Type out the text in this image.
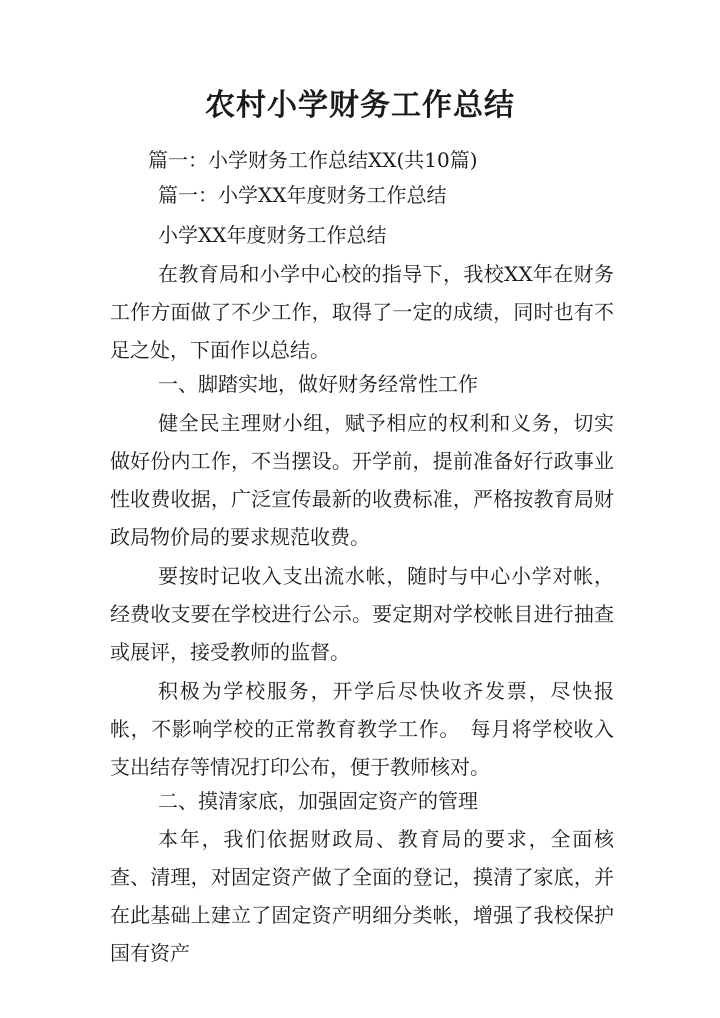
农村小学财务工作总结
篇一：小学财务工作总结XX(共10篇)
篇一：小学XX年度财务工作总结
小学XX年度财务工作总结
在教育局和小学中心校的指导下，我校XX年在财务工作方面做了不少工作，取得了一定的成绩，同时也有不足之处，下面作以总结。
一、脚踏实地，做好财务经常性工作
健全民主理财小组，赋予相应的权利和义务，切实做好份内工作，不当摆设。开学前，提前准备好行政事业性收费收据，广泛宣传最新的收费标准，严格按教育局财政局物价局的要求规范收费。
要按时记收入支出流水帐，随时与中心小学对帐，经费收支要在学校进行公示。要定期对学校帐目进行抽查或展评，接受教师的监督。
积极为学校服务，开学后尽快收齐发票，尽快报帐，不影响学校的正常教育教学工作。　每月将学校收入支出结存等情况打印公布，便于教师核对。
二、摸清家底，加强固定资产的管理
本年，我们依据财政局、教育局的要求，全面核查、清理，对固定资产做了全面的登记，摸清了家底，并在此基础上建立了固定资产明细分类帐，增强了我校保护国有资产
